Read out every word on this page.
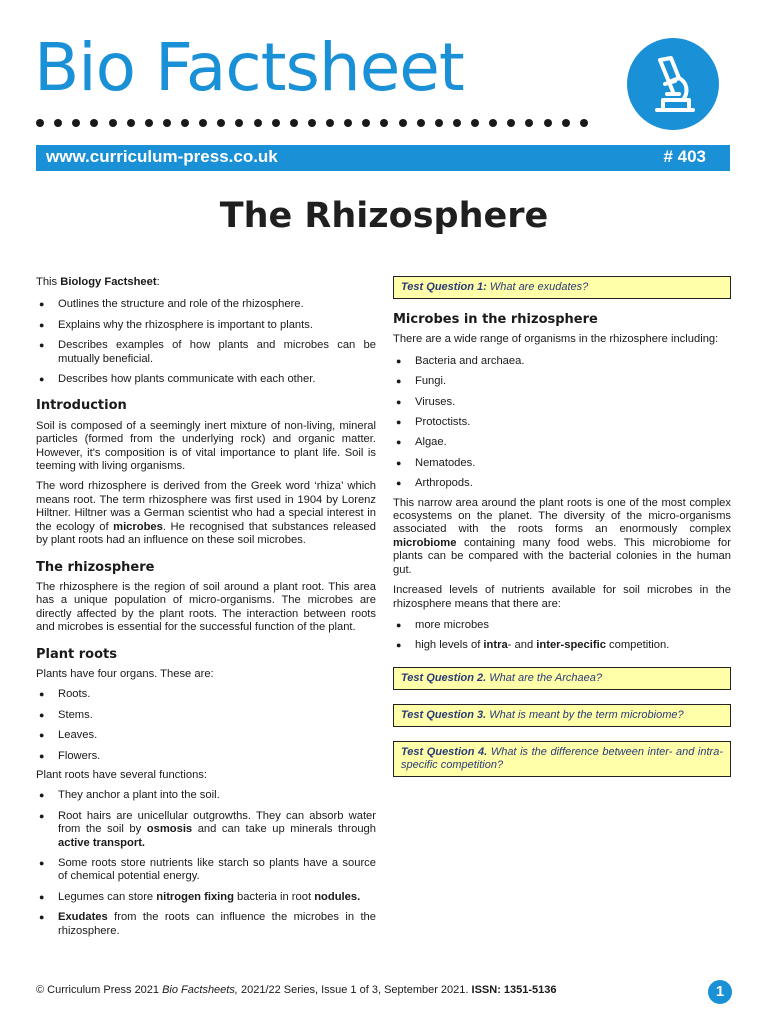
Bio Factsheet
www.curriculum-press.co.uk	# 403
The Rhizosphere

This Biology Factsheet:

● Outlines the structure and role of the rhizosphere.
● Explains why the rhizosphere is important to plants.
● Describes examples of how plants and microbes can be mutually beneficial.
● Describes how plants communicate with each other.
Introduction

Soil is composed of a seemingly inert mixture of non-living, mineral particles (formed from the underlying rock) and organic matter. However, it's composition is of vital importance to plant life. Soil is teeming with living organisms.

The word rhizosphere is derived from the Greek word ‘rhiza’ which means root. The term rhizosphere was first used in 1904 by Lorenz Hiltner. Hiltner was a German scientist who had a special interest in the ecology of microbes. He recognised that substances released by plant roots had an influence on these soil microbes.

The rhizosphere

The rhizosphere is the region of soil around a plant root. This area has a unique population of micro-organisms. The microbes are directly affected by the plant roots. The interaction between roots and microbes is essential for the successful function of the plant.

Plant roots

Plants have four organs. These are:

● Roots.
● Stems.
● Leaves.
● Flowers.

Plant roots have several functions:

● They anchor a plant into the soil.
● Root hairs are unicellular outgrowths. They can absorb water from the soil by osmosis and can take up minerals through active transport.
● Some roots store nutrients like starch so plants have a source of chemical potential energy.
● Legumes can store nitrogen fixing bacteria in root nodules.
● Exudates from the roots can influence the microbes in the rhizosphere.
Test Question 1: What are exudates?
Microbes in the rhizosphere

There are a wide range of organisms in the rhizosphere including:

● Bacteria and archaea.
● Fungi.
● Viruses.
● Protoctists.
● Algae.
● Nematodes.
● Arthropods.

This narrow area around the plant roots is one of the most complex ecosystems on the planet. The diversity of the micro-organisms associated with the roots forms an enormously complex microbiome containing many food webs. This microbiome for plants can be compared with the bacterial colonies in the human gut.

Increased levels of nutrients available for soil microbes in the rhizosphere means that there are:

● more microbes
● high levels of intra- and inter-specific competition.
Test Question 2. What are the Archaea?
Test Question 3. What is meant by the term microbiome?
Test Question 4. What is the difference between inter- and intra-specific competition?
© Curriculum Press 2021 Bio Factsheets, 2021/22 Series, Issue 1 of 3, September 2021. ISSN: 1351-5136	1
